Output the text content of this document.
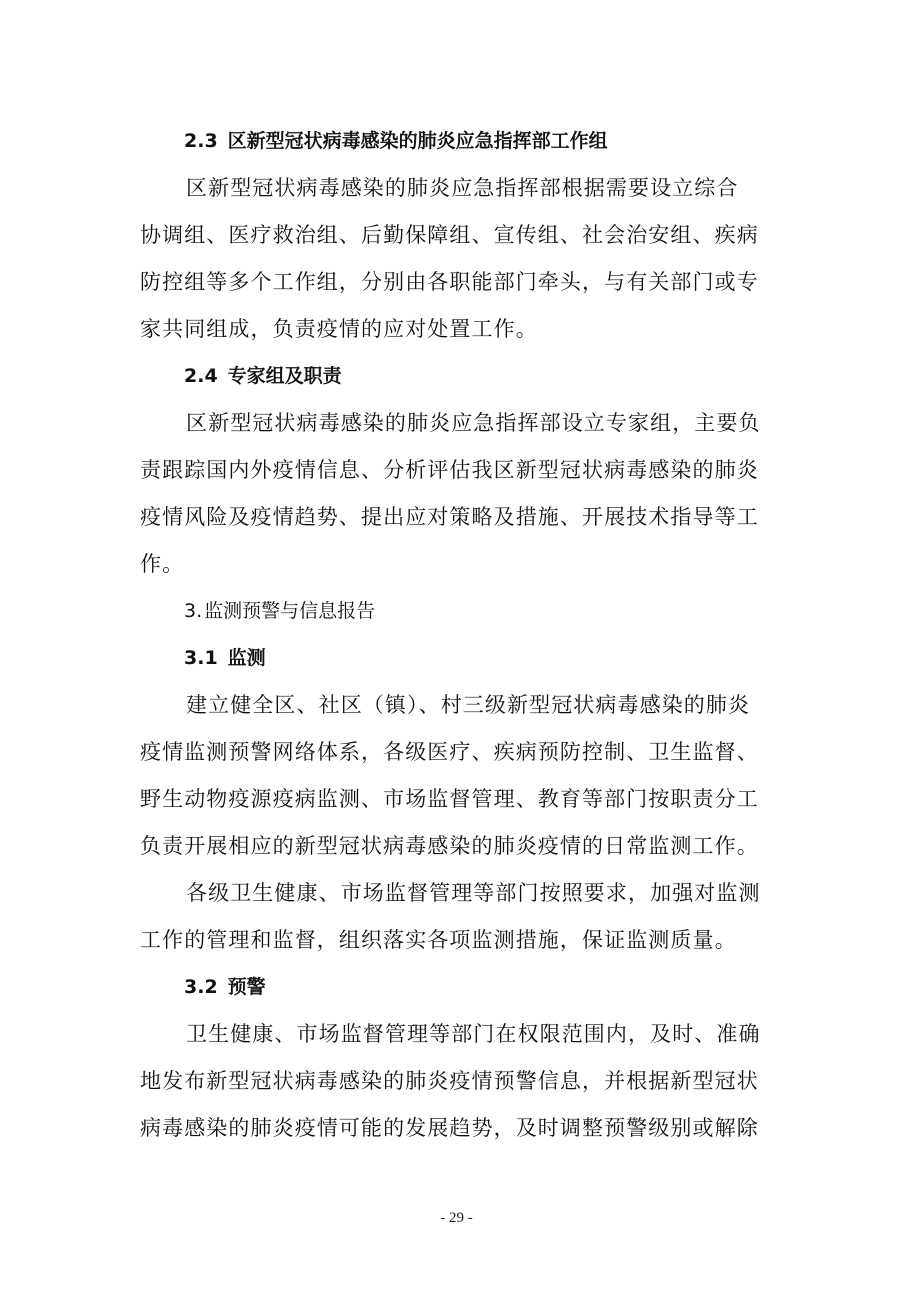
2.3 区新型冠状病毒感染的肺炎应急指挥部工作组

区新型冠状病毒感染的肺炎应急指挥部根据需要设立综合
协调组、医疗救治组、后勤保障组、宣传组、社会治安组、疾病
防控组等多个工作组，分别由各职能部门牵头，与有关部门或专
家共同组成，负责疫情的应对处置工作。

2.4 专家组及职责

区新型冠状病毒感染的肺炎应急指挥部设立专家组，主要负
责跟踪国内外疫情信息、分析评估我区新型冠状病毒感染的肺炎
疫情风险及疫情趋势、提出应对策略及措施、开展技术指导等工
作。

3. 监测预警与信息报告
3.1 监测

建立健全区、社区（镇）、村三级新型冠状病毒感染的肺炎
疫情监测预警网络体系，各级医疗、疾病预防控制、卫生监督、
野生动物疫源疫病监测、市场监督管理、教育等部门按职责分工
负责开展相应的新型冠状病毒感染的肺炎疫情的日常监测工作。

各级卫生健康、市场监督管理等部门按照要求，加强对监测
工作的管理和监督，组织落实各项监测措施，保证监测质量。

3.2 预警

卫生健康、市场监督管理等部门在权限范围内，及时、准确
地发布新型冠状病毒感染的肺炎疫情预警信息，并根据新型冠状
病毒感染的肺炎疫情可能的发展趋势，及时调整预警级别或解除

- 29 -
